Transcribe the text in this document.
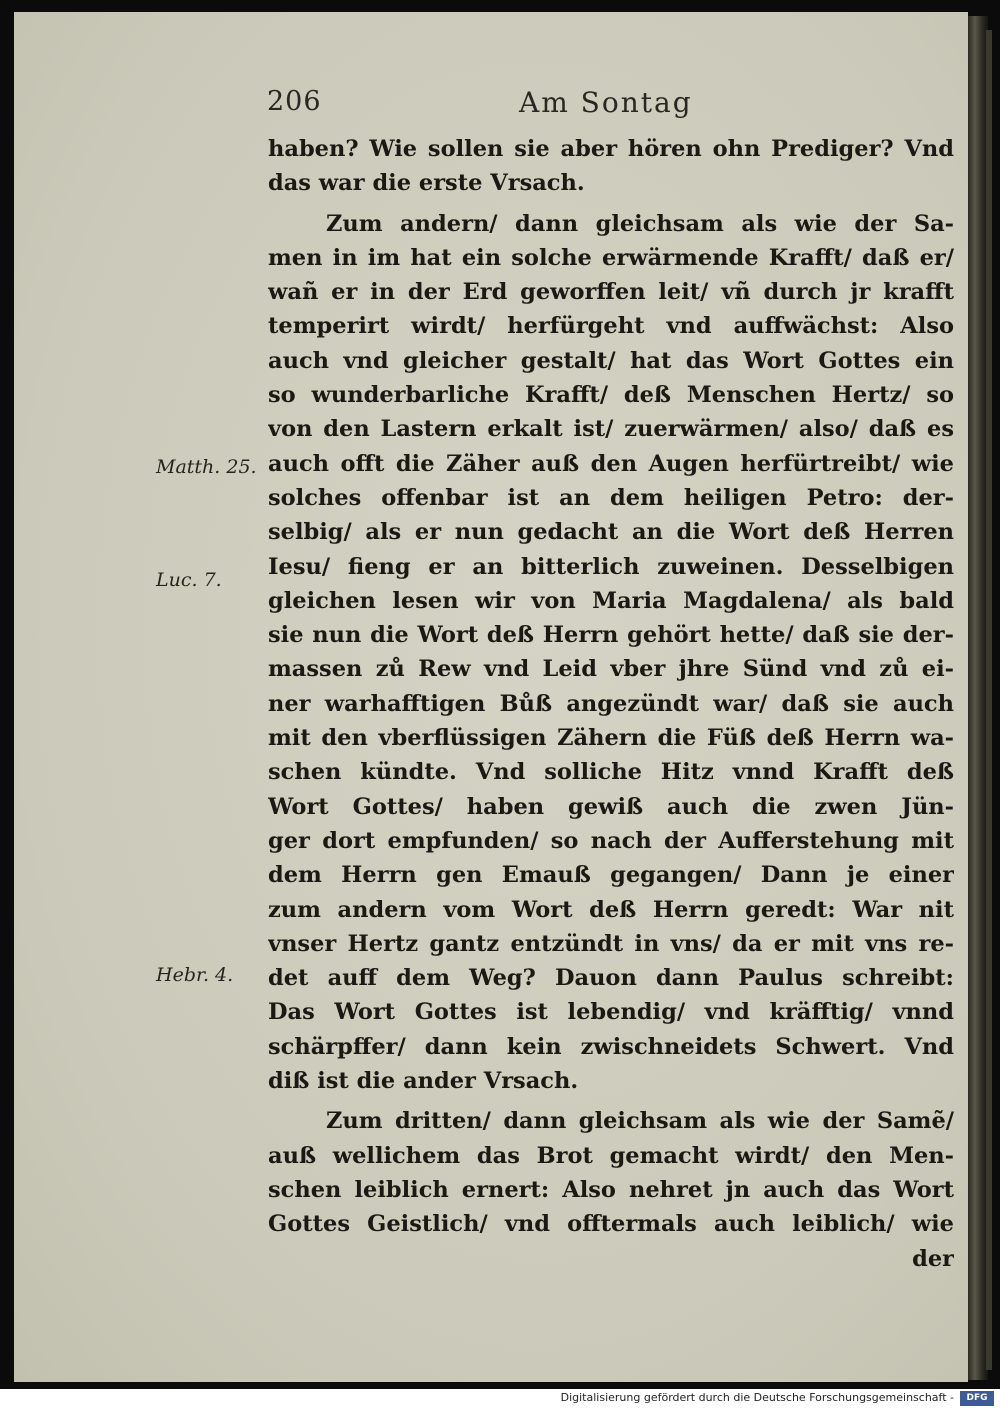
206	Am Sontag
Matth. 25.
Luc. 7.
Hebr. 4.
haben? Wie sollen sie aber hören ohn Prediger? Vnd
das war die erste Vrsach.
Zum andern/ dann gleichsam als wie der Sa-
men in im hat ein solche erwärmende Krafft/ daß er/
wañ er in der Erd geworffen leit/ vñ durch jr krafft
temperirt wirdt/ herfürgeht vnd auffwächst: Also
auch vnd gleicher gestalt/ hat das Wort Gottes ein
so wunderbarliche Krafft/ deß Menschen Hertz/ so
von den Lastern erkalt ist/ zuerwärmen/ also/ daß es
auch offt die Zäher auß den Augen herfürtreibt/ wie
solches offenbar ist an dem heiligen Petro: der-
selbig/ als er nun gedacht an die Wort deß Herren
Iesu/ fieng er an bitterlich zuweinen. Desselbigen
gleichen lesen wir von Maria Magdalena/ als bald
sie nun die Wort deß Herrn gehört hette/ daß sie der-
massen zů Rew vnd Leid vber jhre Sünd vnd zů ei-
ner warhafftigen Bůß angezündt war/ daß sie auch
mit den vberflüssigen Zähern die Füß deß Herrn wa-
schen kündte. Vnd solliche Hitz vnnd Krafft deß
Wort Gottes/ haben gewiß auch die zwen Jün-
ger dort empfunden/ so nach der Aufferstehung mit
dem Herrn gen Emauß gegangen/ Dann je einer
zum andern vom Wort deß Herrn geredt: War nit
vnser Hertz gantz entzündt in vns/ da er mit vns re-
det auff dem Weg? Dauon dann Paulus schreibt:
Das Wort Gottes ist lebendig/ vnd kräfftig/ vnnd
schärpffer/ dann kein zwischneidets Schwert. Vnd
diß ist die ander Vrsach.
Zum dritten/ dann gleichsam als wie der Samẽ/
auß wellichem das Brot gemacht wirdt/ den Men-
schen leiblich ernert: Also nehret jn auch das Wort
Gottes Geistlich/ vnd offtermals auch leiblich/ wie
der
Digitalisierung gefördert durch die Deutsche Forschungsgemeinschaft -	DFG
